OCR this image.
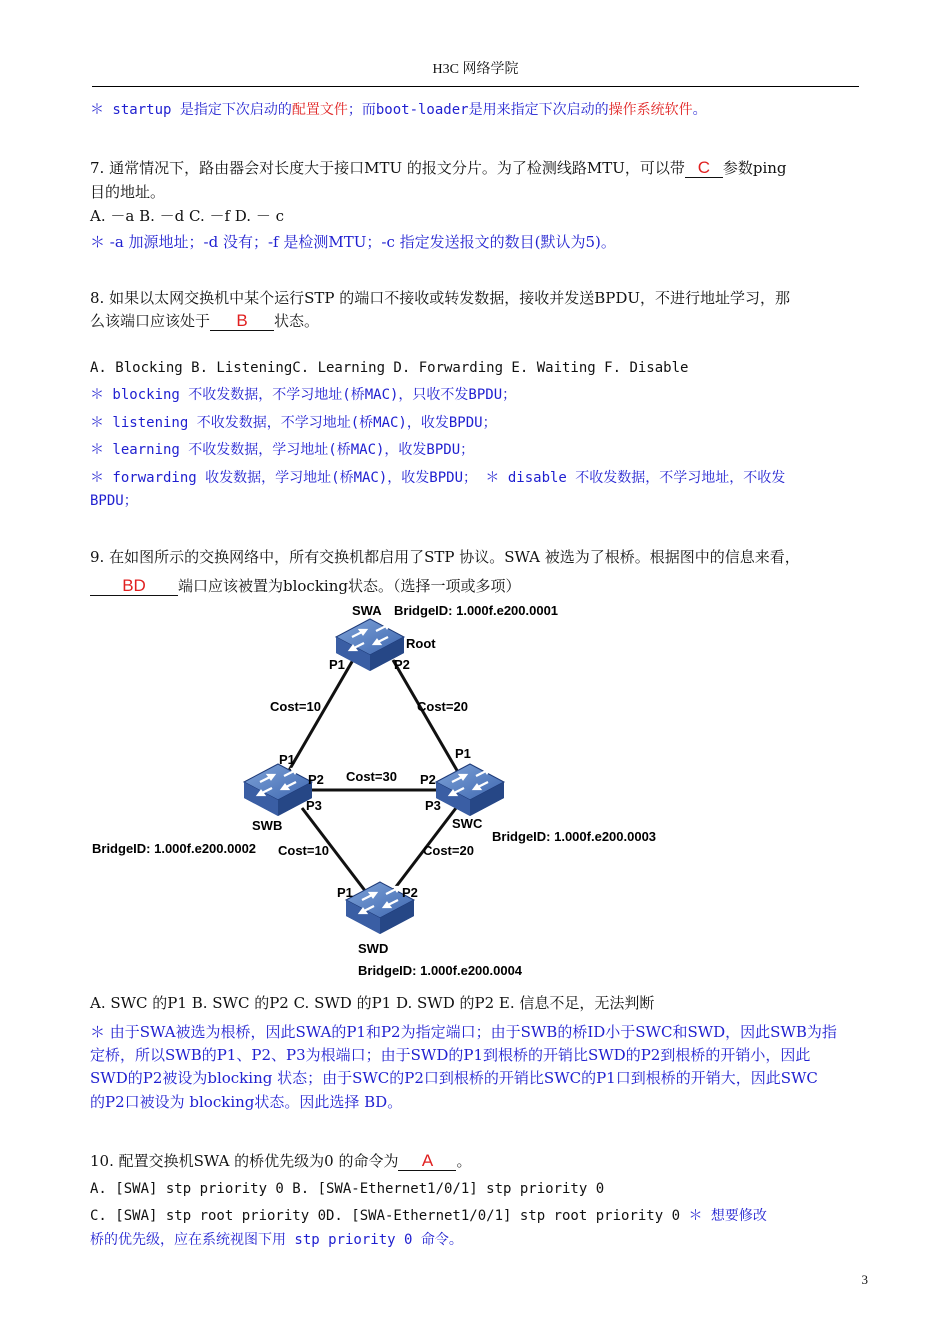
H3C 网络学院
＊ startup 是指定下次启动的配置文件；而boot-loader是用来指定下次启动的操作系统软件。
7. 通常情况下，路由器会对长度大于接口MTU 的报文分片。为了检测线路MTU，可以带 C 参数ping
目的地址。
A. －a B. －d C. －f D. － c
＊ -a 加源地址；-d 没有；-f 是检测MTU；-c 指定发送报文的数目(默认为5)。
8. 如果以太网交换机中某个运行STP 的端口不接收或转发数据，接收并发送BPDU，不进行地址学习，那
么该端口应该处于 B 状态。
A. Blocking B. ListeningC. Learning D. Forwarding E. Waiting F. Disable
＊ blocking 不收发数据，不学习地址(桥MAC)，只收不发BPDU；
＊ listening 不收发数据，不学习地址(桥MAC)，收发BPDU；
＊ learning 不收发数据，学习地址(桥MAC)，收发BPDU；
＊ forwarding 收发数据，学习地址(桥MAC)，收发BPDU； ＊ disable 不收发数据，不学习地址，不收发
BPDU；
9. 在如图所示的交换网络中，所有交换机都启用了STP 协议。SWA 被选为了根桥。根据图中的信息来看，
BD 端口应该被置为blocking状态。（选择一项或多项）
SWA BridgeID: 1.000f.e200.0001
Root
P1	P2
Cost=10	Cost=20
Cost=30
Cost=10	Cost=20
P1
P2
P3
SWB
BridgeID: 1.000f.e200.0002
P1
P2
P3
SWC
BridgeID: 1.000f.e200.0003
P1	P2
SWD
BridgeID: 1.000f.e200.0004
A. SWC 的P1 B. SWC 的P2 C. SWD 的P1 D. SWD 的P2 E. 信息不足，无法判断
＊ 由于SWA被选为根桥，因此SWA的P1和P2为指定端口；由于SWB的桥ID小于SWC和SWD，因此SWB为指
定桥，所以SWB的P1、P2、P3为根端口；由于SWD的P1到根桥的开销比SWD的P2到根桥的开销小，因此
SWD的P2被设为blocking 状态；由于SWC的P2口到根桥的开销比SWC的P1口到根桥的开销大，因此SWC
的P2口被设为 blocking状态。因此选择 BD。
10. 配置交换机SWA 的桥优先级为0 的命令为 A 。
A. [SWA] stp priority 0 B. [SWA-Ethernet1/0/1] stp priority 0
C. [SWA] stp root priority 0D. [SWA-Ethernet1/0/1] stp root priority 0 ＊ 想要修改
桥的优先级，应在系统视图下用 stp priority 0 命令。
3
